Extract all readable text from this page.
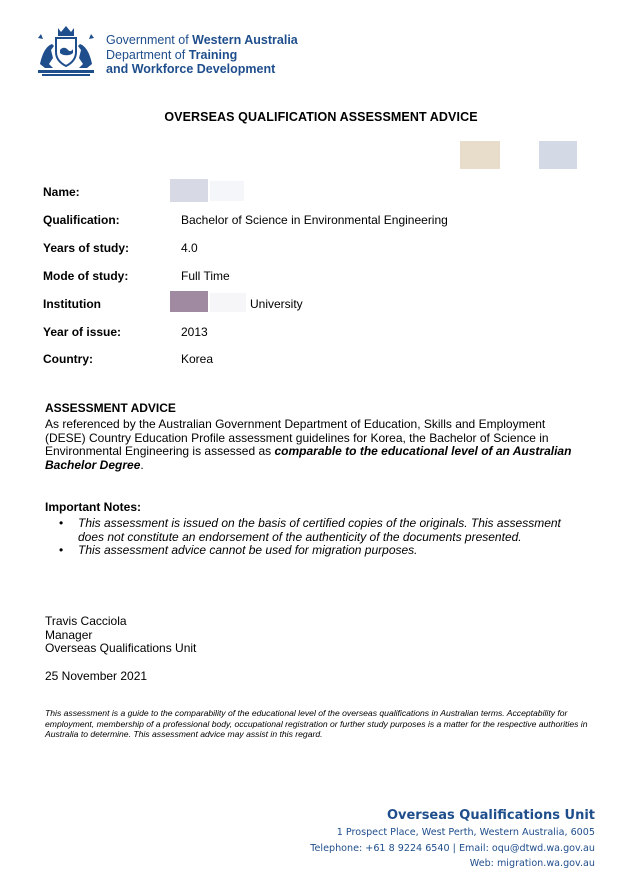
Government of Western Australia
Department of Training
and Workforce Development
OVERSEAS QUALIFICATION ASSESSMENT ADVICE
Name:
Qualification:	Bachelor of Science in Environmental Engineering
Years of study:	4.0
Mode of study:	Full Time
Institution	University
Year of issue:	2013
Country:	Korea
ASSESSMENT ADVICE
As referenced by the Australian Government Department of Education, Skills and Employment (DESE) Country Education Profile assessment guidelines for Korea, the Bachelor of Science in Environmental Engineering is assessed as comparable to the educational level of an Australian Bachelor Degree.
Important Notes:
• This assessment is issued on the basis of certified copies of the originals. This assessment does not constitute an endorsement of the authenticity of the documents presented.
• This assessment advice cannot be used for migration purposes.
Travis Cacciola
Manager
Overseas Qualifications Unit
25 November 2021
This assessment is a guide to the comparability of the educational level of the overseas qualifications in Australian terms. Acceptability for employment, membership of a professional body, occupational registration or further study purposes is a matter for the respective authorities in Australia to determine. This assessment advice may assist in this regard.
Overseas Qualifications Unit
1 Prospect Place, West Perth, Western Australia, 6005
Telephone: +61 8 9224 6540 | Email: oqu@dtwd.wa.gov.au
Web: migration.wa.gov.au
